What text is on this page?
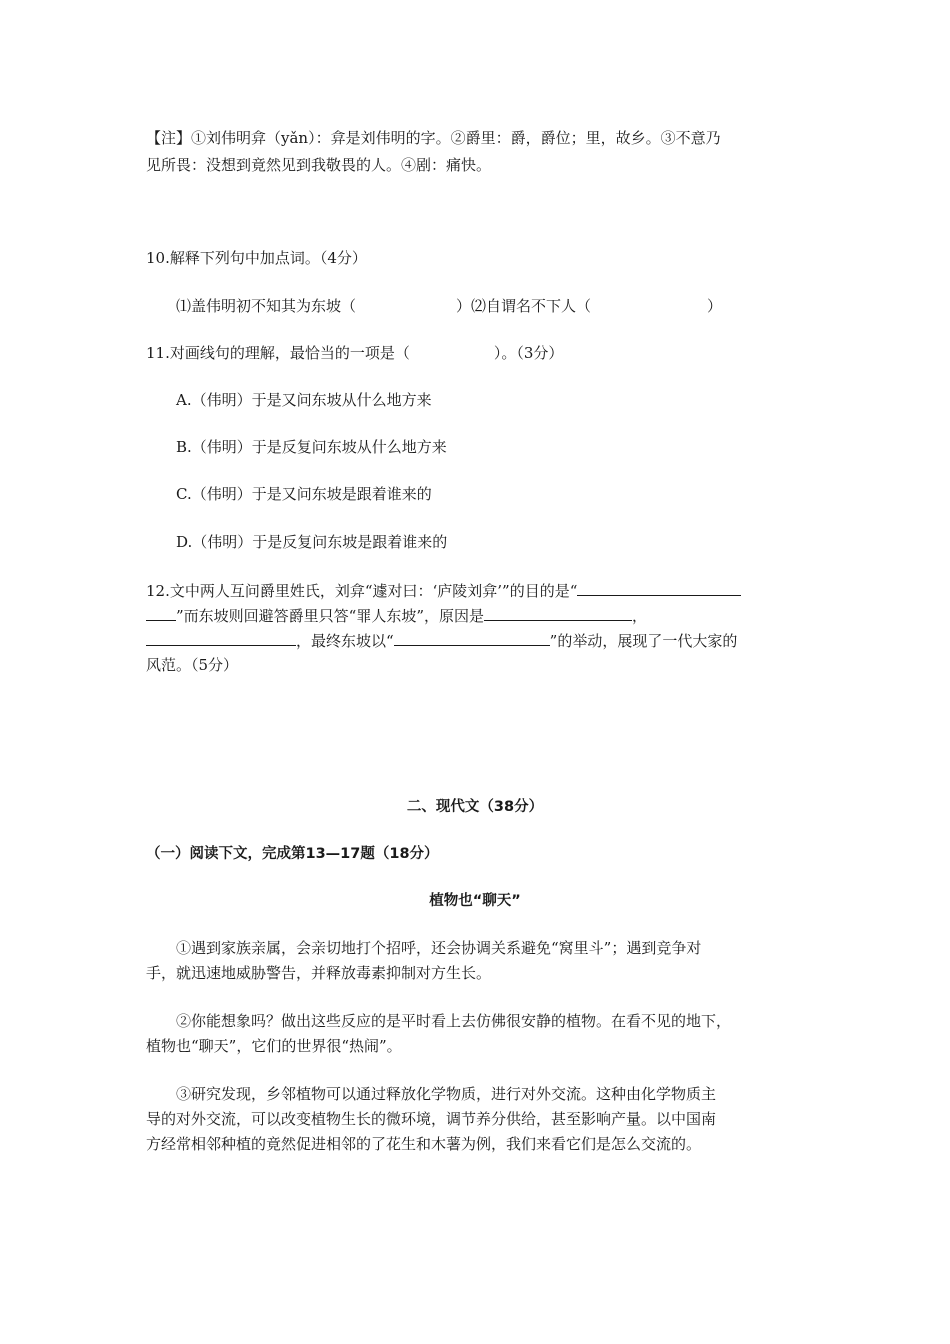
【注】①刘伟明弇（yǎn）：弇是刘伟明的字。②爵里：爵，爵位；里，故乡。③不意乃
见所畏：没想到竟然见到我敬畏的人。④剧：痛快。
10.解释下列句中加点词。（4分）
⑴盖伟明初不知其为东坡（	）⑵自谓名不下人（	）
11.对画线句的理解，最恰当的一项是（	）。（3分）
A.（伟明）于是又问东坡从什么地方来
B.（伟明）于是反复问东坡从什么地方来
C.（伟明）于是又问东坡是跟着谁来的
D.（伟明）于是反复问东坡是跟着谁来的
12.文中两人互问爵里姓氏，刘弇“遽对曰：‘庐陵刘弇’”的目的是“
”而东坡则回避答爵里只答“罪人东坡”，原因是	，
，最终东坡以“	”的举动，展现了一代大家的
风范。（5分）
二、现代文（38分）
（一）阅读下文，完成第13—17题（18分）
植物也“聊天”
①遇到家族亲属，会亲切地打个招呼，还会协调关系避免“窝里斗”；遇到竞争对
手，就迅速地威胁警告，并释放毒素抑制对方生长。
②你能想象吗？做出这些反应的是平时看上去仿佛很安静的植物。在看不见的地下，
植物也“聊天”，它们的世界很“热闹”。
③研究发现，乡邻植物可以通过释放化学物质，进行对外交流。这种由化学物质主
导的对外交流，可以改变植物生长的微环境，调节养分供给，甚至影响产量。以中国南
方经常相邻种植的竟然促进相邻的了花生和木薯为例，我们来看它们是怎么交流的。
